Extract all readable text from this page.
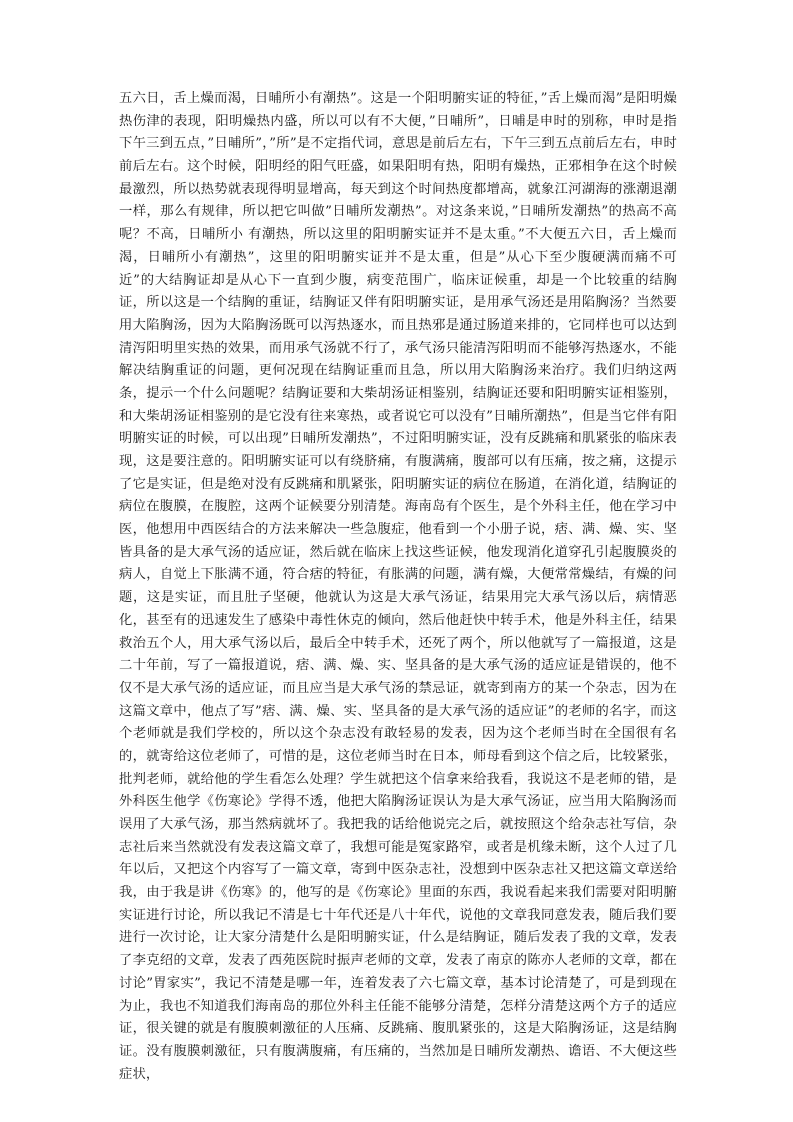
五六日，舌上燥而渴，日晡所小有潮热”。这是一个阳明腑实证的特征，”舌上燥而渴”是阳明燥热伤津的表现，阳明燥热内盛，所以可以有不大便，”日晡所”，日晡是申时的别称，申时是指下午三到五点，”日晡所”，”所”是不定指代词，意思是前后左右，下午三到五点前后左右，申时前后左右。这个时候，阳明经的阳气旺盛，如果阳明有热，阳明有燥热，正邪相争在这个时候最激烈，所以热势就表现得明显增高，每天到这个时间热度都增高，就象江河湖海的涨潮退潮一样，那么有规律，所以把它叫做”日晡所发潮热”。对这条来说，”日晡所发潮热”的热高不高呢？不高，日晡所小 有潮热，所以这里的阳明腑实证并不是太重。”不大便五六日，舌上燥而渴，日晡所小有潮热”，这里的阳明腑实证并不是太重，但是”从心下至少腹硬满而痛不可近”的大结胸证却是从心下一直到少腹，病变范围广，临床证候重，却是一个比较重的结胸证，所以这是一个结胸的重证，结胸证又伴有阳明腑实证，是用承气汤还是用陷胸汤？当然要用大陷胸汤，因为大陷胸汤既可以泻热逐水，而且热邪是通过肠道来排的，它同样也可以达到清泻阳明里实热的效果，而用承气汤就不行了，承气汤只能清泻阳明而不能够泻热逐水，不能解决结胸重证的问题，更何况现在结胸证重而且急，所以用大陷胸汤来治疗。我们归纳这两条，提示一个什么问题呢？结胸证要和大柴胡汤证相鉴别，结胸证还要和阳明腑实证相鉴别，和大柴胡汤证相鉴别的是它没有往来寒热，或者说它可以没有”日晡所潮热”，但是当它伴有阳明腑实证的时候，可以出现”日晡所发潮热”，不过阳明腑实证，没有反跳痛和肌紧张的临床表现，这是要注意的。阳明腑实证可以有绕脐痛，有腹满痛，腹部可以有压痛，按之痛，这提示了它是实证，但是绝对没有反跳痛和肌紧张，阳明腑实证的病位在肠道，在消化道，结胸证的病位在腹膜，在腹腔，这两个证候要分别清楚。海南岛有个医生，是个外科主任，他在学习中医，他想用中西医结合的方法来解决一些急腹症，他看到一个小册子说，痞、满、燥、实、坚皆具备的是大承气汤的适应证，然后就在临床上找这些证候，他发现消化道穿孔引起腹膜炎的病人，自觉上下胀满不通，符合痞的特征，有胀满的问题，满有燥，大便常常燥结，有燥的问题，这是实证，而且肚子坚硬，他就认为这是大承气汤证，结果用完大承气汤以后，病情恶化，甚至有的迅速发生了感染中毒性休克的倾向，然后他赶快中转手术，他是外科主任，结果救治五个人，用大承气汤以后，最后全中转手术，还死了两个，所以他就写了一篇报道，这是二十年前，写了一篇报道说，痞、满、燥、实、坚具备的是大承气汤的适应证是错误的，他不仅不是大承气汤的适应证，而且应当是大承气汤的禁忌证，就寄到南方的某一个杂志，因为在这篇文章中，他点了写”痞、满、燥、实、坚具备的是大承气汤的适应证”的老师的名字，而这个老师就是我们学校的，所以这个杂志没有敢轻易的发表，因为这个老师当时在全国很有名的，就寄给这位老师了，可惜的是，这位老师当时在日本，师母看到这个信之后，比较紧张，批判老师，就给他的学生看怎么处理？学生就把这个信拿来给我看，我说这不是老师的错，是外科医生他学《伤寒论》学得不透，他把大陷胸汤证误认为是大承气汤证，应当用大陷胸汤而误用了大承气汤，那当然病就坏了。我把我的话给他说完之后，就按照这个给杂志社写信，杂志社后来当然就没有发表这篇文章了，我想可能是冤家路窄，或者是机缘未断，这个人过了几年以后，又把这个内容写了一篇文章，寄到中医杂志社，没想到中医杂志社又把这篇文章送给我，由于我是讲《伤寒》的，他写的是《伤寒论》里面的东西，我说看起来我们需要对阳明腑实证进行讨论，所以我记不清是七十年代还是八十年代，说他的文章我同意发表，随后我们要进行一次讨论，让大家分清楚什么是阳明腑实证，什么是结胸证，随后发表了我的文章，发表了李克绍的文章，发表了西苑医院时振声老师的文章，发表了南京的陈亦人老师的文章，都在讨论”胃家实”，我记不清楚是哪一年，连着发表了六七篇文章，基本讨论清楚了，可是到现在为止，我也不知道我们海南岛的那位外科主任能不能够分清楚，怎样分清楚这两个方子的适应证，很关键的就是有腹膜刺激征的人压痛、反跳痛、腹肌紧张的，这是大陷胸汤证，这是结胸证。没有腹膜刺激征，只有腹满腹痛，有压痛的，当然加是日晡所发潮热、谵语、不大便这些症状，
